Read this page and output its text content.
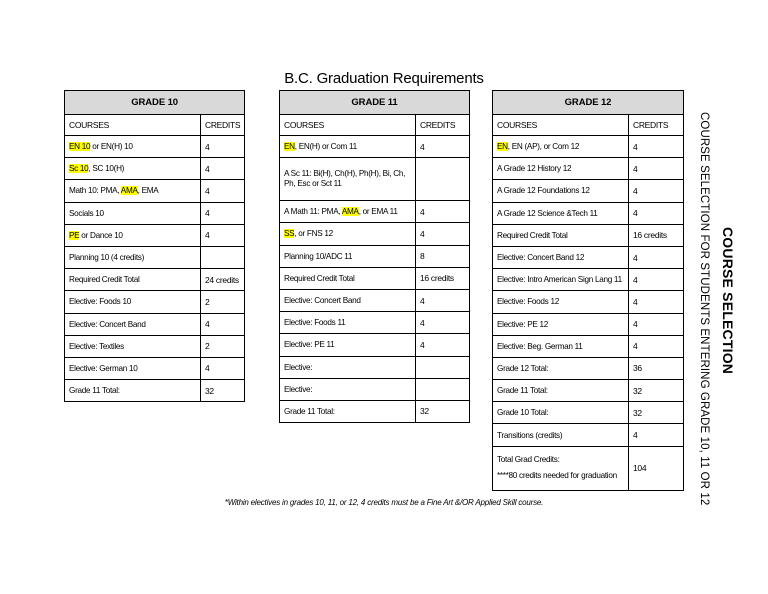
B.C. Graduation Requirements
GRADE 10	
COURSES	CREDITS
EN 10 or EN(H) 10	4
Sc 10, SC 10(H)	4
Math 10: PMA, AMA, EMA	4
Socials 10	4
PE or Dance 10	4
Planning 10 (4 credits)	
Required Credit Total	24 credits
Elective: Foods 10	2
Elective: Concert Band	4
Elective: Textiles	2
Elective: German 10	4
Grade 11 Total:	32
GRADE 11	
COURSES	CREDITS
EN, EN(H) or Com 11	4
A Sc 11: Bi(H), Ch(H), Ph(H), Bi, Ch, Ph, Esc or Sct 11	
A Math 11: PMA, AMA, or EMA 11	4
SS, or FNS 12	4
Planning 10/ADC 11	8
Required Credit Total	16 credits
Elective: Concert Band	4
Elective: Foods 11	4
Elective: PE 11	4
Elective:	
Elective:	
Grade 11 Total:	32
GRADE 12	
COURSES	CREDITS
EN, EN (AP), or Com 12	4
A Grade 12 History 12	4
A Grade 12 Foundations 12	4
A Grade 12 Science &Tech 11	4
Required Credit Total	16 credits
Elective: Concert Band 12	4
Elective: Intro American Sign Lang 11	4
Elective: Foods 12	4
Elective: PE 12	4
Elective: Beg. German 11	4
Grade 12 Total:	36
Grade 11 Total:	32
Grade 10 Total:	32
Transitions (credits)	4

Total Grad Credits:
****80 credits needed for graduation	104
*Within electives in grades 10, 11, or 12, 4 credits must be a Fine Art &/OR Applied Skill course.
COURSE SELECTION
COURSE SELECTION FOR STUDENTS ENTERING GRADE 10, 11 OR 12
